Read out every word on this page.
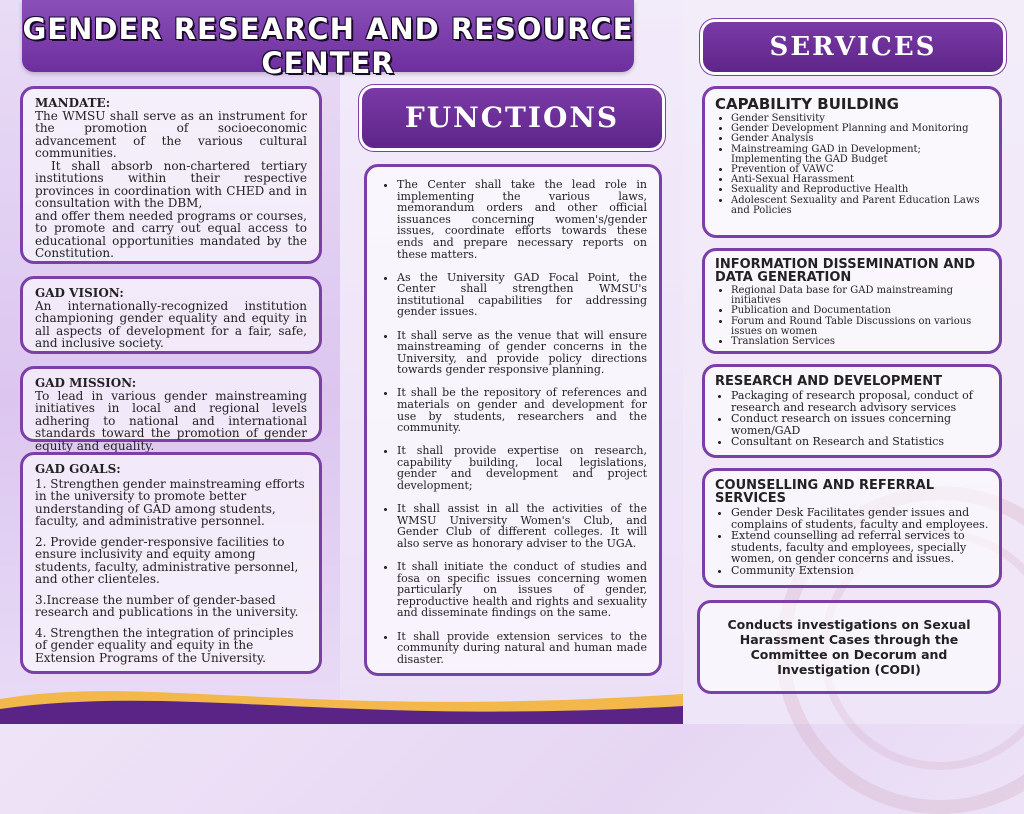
GENDER RESEARCH AND RESOURCE CENTER
MANDATE:

The WMSU shall serve as an instrument for the promotion of socioeconomic advancement of the various cultural communities.

It shall absorb non-chartered tertiary institutions within their respective provinces in coordination with CHED and in consultation with the DBM,

and offer them needed programs or courses, to promote and carry out equal access to educational opportunities mandated by the Constitution.

GAD VISION:

An internationally-recognized institution championing gender equality and equity in all aspects of development for a fair, safe, and inclusive society.

GAD MISSION:

To lead in various gender mainstreaming initiatives in local and regional levels adhering to national and international standards toward the promotion of gender equity and equality.

GAD GOALS:

1. Strengthen gender mainstreaming efforts in the university to promote better understanding of GAD among students, faculty, and administrative personnel.

2. Provide gender-responsive facilities to ensure inclusivity and equity among students, faculty, administrative personnel, and other clienteles.

3.Increase the number of gender-based research and publications in the university.

4. Strengthen the integration of principles of gender equality and equity in the Extension Programs of the University.

FUNCTIONS
• The Center shall take the lead role in implementing the various laws, memorandum orders and other official issuances concerning women's/gender issues, coordinate efforts towards these ends and prepare necessary reports on these matters.
• As the University GAD Focal Point, the Center shall strengthen WMSU's institutional capabilities for addressing gender issues.
• It shall serve as the venue that will ensure mainstreaming of gender concerns in the University, and provide policy directions towards gender responsive planning.
• It shall be the repository of references and materials on gender and development for use by students, researchers and the community.
• It shall provide expertise on research, capability building, local legislations, gender and development and project development;
• It shall assist in all the activities of the WMSU University Women's Club, and Gender Club of different colleges. It will also serve as honorary adviser to the UGA.
• It shall initiate the conduct of studies and fosa on specific issues concerning women particularly on issues of gender, reproductive health and rights and sexuality and disseminate findings on the same.
• It shall provide extension services to the community during natural and human made disaster.
SERVICES
CAPABILITY BUILDING
• Gender Sensitivity
• Gender Development Planning and Monitoring
• Gender Analysis
• Mainstreaming GAD in Development; Implementing the GAD Budget
• Prevention of VAWC
• Anti-Sexual Harassment
• Sexuality and Reproductive Health
• Adolescent Sexuality and Parent Education Laws and Policies
INFORMATION DISSEMINATION AND DATA GENERATION
• Regional Data base for GAD mainstreaming initiatives
• Publication and Documentation
• Forum and Round Table Discussions on various issues on women
• Translation Services
RESEARCH AND DEVELOPMENT
• Packaging of research proposal, conduct of research and research advisory services
• Conduct research on issues concerning women/GAD
• Consultant on Research and Statistics
COUNSELLING AND REFERRAL SERVICES
• Gender Desk Facilitates gender issues and complains of students, faculty and employees.
• Extend counselling ad referral services to students, faculty and employees, specially women, on gender concerns and issues.
• Community Extension

Conducts investigations on Sexual Harassment Cases through the Committee on Decorum and Investigation (CODI)
